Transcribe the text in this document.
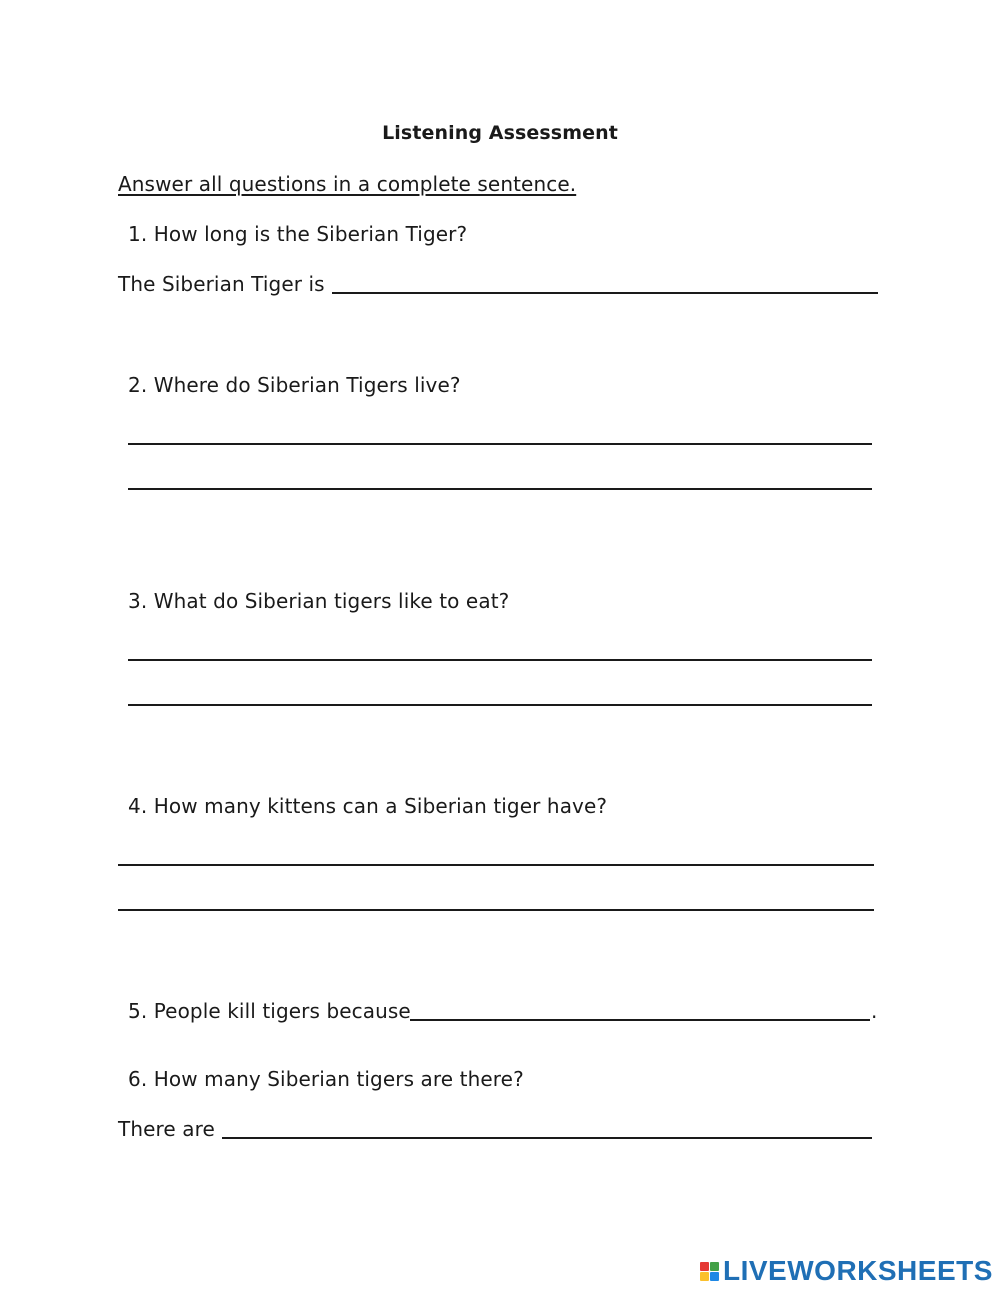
Listening Assessment
Answer all questions in a complete sentence.
1. How long is the Siberian Tiger?
The Siberian Tiger is
2. Where do Siberian Tigers live?
3. What do Siberian tigers like to eat?
4. How many kittens can a Siberian tiger have?
5. People kill tigers because	.
6. How many Siberian tigers are there?
There are
LIVEWORKSHEETS
